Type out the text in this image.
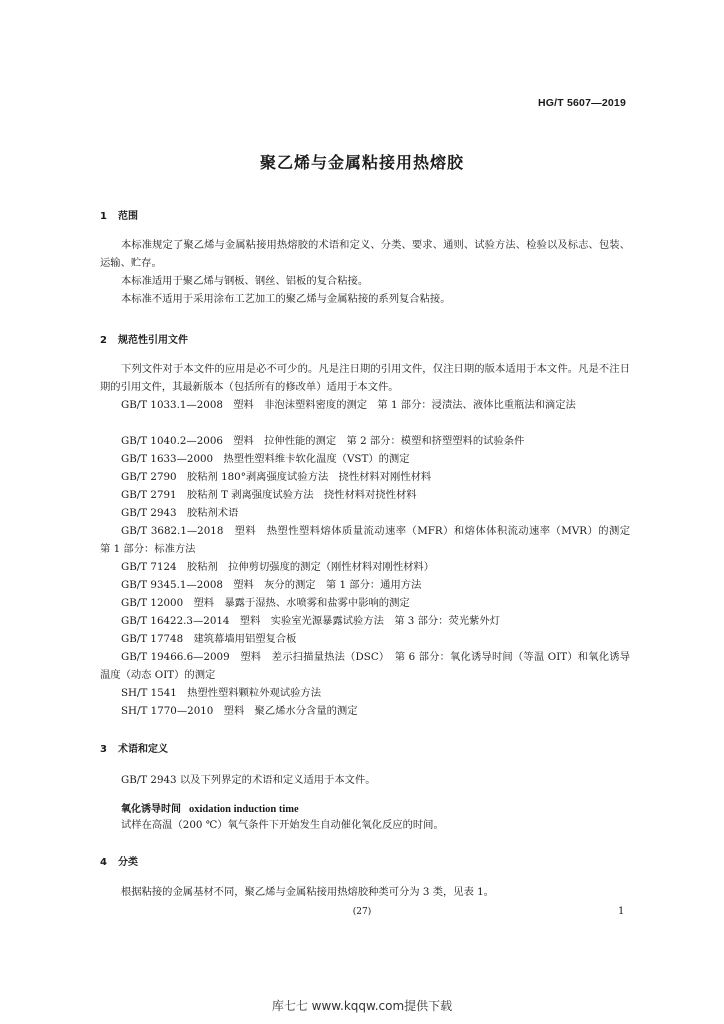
HG/T 5607—2019
聚乙烯与金属粘接用热熔胶
1 范围
本标准规定了聚乙烯与金属粘接用热熔胶的术语和定义、分类、要求、通则、试验方法、检验以及标志、包装、运输、贮存。
本标准适用于聚乙烯与钢板、钢丝、铝板的复合粘接。
本标准不适用于采用涂布工艺加工的聚乙烯与金属粘接的系列复合粘接。
2 规范性引用文件
下列文件对于本文件的应用是必不可少的。凡是注日期的引用文件，仅注日期的版本适用于本文件。凡是不注日期的引用文件，其最新版本（包括所有的修改单）适用于本文件。
GB/T 1033.1—2008　塑料　非泡沫塑料密度的测定　第 1 部分：浸渍法、液体比重瓶法和滴定法
GB/T 1040.2—2006　塑料　拉伸性能的测定　第 2 部分：模塑和挤塑塑料的试验条件
GB/T 1633—2000　热塑性塑料维卡软化温度（VST）的测定
GB/T 2790　胶粘剂 180°剥离强度试验方法　挠性材料对刚性材料
GB/T 2791　胶粘剂 T 剥离强度试验方法　挠性材料对挠性材料
GB/T 2943　胶粘剂术语
GB/T 3682.1—2018　塑料　热塑性塑料熔体质量流动速率（MFR）和熔体体积流动速率（MVR）的测定　第 1 部分：标准方法
GB/T 7124　胶粘剂　拉伸剪切强度的测定（刚性材料对刚性材料）
GB/T 9345.1—2008　塑料　灰分的测定　第 1 部分：通用方法
GB/T 12000　塑料　暴露于湿热、水喷雾和盐雾中影响的测定
GB/T 16422.3—2014　塑料　实验室光源暴露试验方法　第 3 部分：荧光紫外灯
GB/T 17748　建筑幕墙用铝塑复合板
GB/T 19466.6—2009　塑料　差示扫描量热法（DSC）　第 6 部分：氧化诱导时间（等温 OIT）和氧化诱导温度（动态 OIT）的测定
SH/T 1541　热塑性塑料颗粒外观试验方法
SH/T 1770—2010　塑料　聚乙烯水分含量的测定
3 术语和定义
GB/T 2943 以及下列界定的术语和定义适用于本文件。
氧化诱导时间 oxidation induction time
试样在高温（200 ℃）氧气条件下开始发生自动催化氧化反应的时间。
4 分类
根据粘接的金属基材不同，聚乙烯与金属粘接用热熔胶种类可分为 3 类，见表 1。
(27)	1
库七七 www.kqqw.com提供下载
